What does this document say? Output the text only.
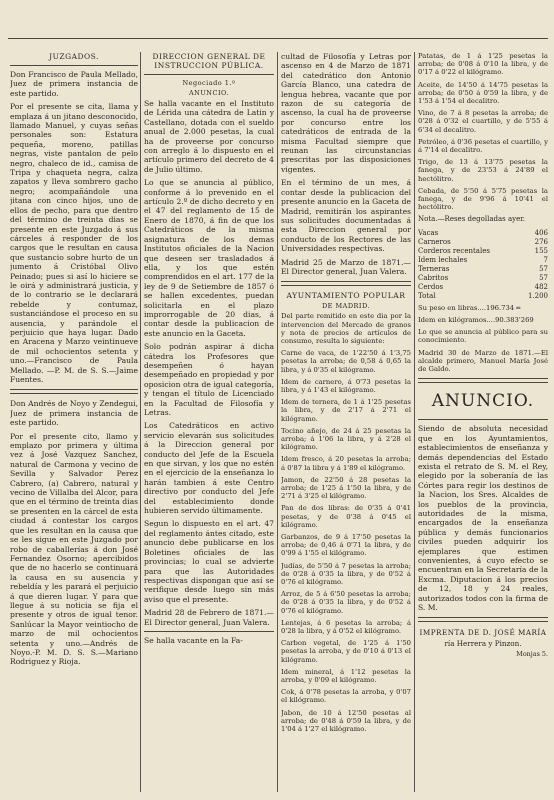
JUZGADOS.

Don Francisco de Paula Mellado, Juez de primera instancia de este partido.

Por el presente se cita, llama y emplaza á un jitano desconocido, llamado Manuel, y cuyas señas personales son: Estatura pequeña, moreno, patillas negras, viste pantalon de pelo negro, chaleco de id., camisa de Tripa y chaqueta negra, calza zapatos y lleva sombrero gacho negro; acompañándole una jitana con cinco hijos, uno de ellos de pecho, para que dentro del término de treinta dias se presente en este Juzgado á sus cárceles á responder de los cargos que le resultan en causa que sustancio sobre hurto de un jumento á Cristóbal Olivo Peinado; pues si así lo hiciere se le oirá y administrará justicia, y de lo contrario se le declarará rebelde y contumaz, sustanciándose el proceso en su ausencia, y parándole el perjuicio que haya lugar. Dado en Aracena y Marzo veintinueve de mil ochocientos setenta y uno.—Francisco de Paula Mellado. —P. M. de S. S.—Jaime Fuentes.

Don Andrés de Noyo y Zendegui, Juez de primera instancia de este partido.

Por el presente cito, llamo y emplazo por primera y última vez á José Vazquez Sanchez, natural de Carmona y vecino de Sevilla y Salvador Perez Cabrero, (a) Cabrero, natural y vecino de Villalba del Alcor, para que en el término de treinta dias se presenten en la cárcel de esta ciudad á contestar los cargos que les resultan en la causa que se les sigue en este Juzgado por robo de caballerías á don José Fernandez Osorno; apercibidos que de no hacerlo se continuará la causa en su ausencia y rebeldía y les parará el perjuicio á que dieren lugar. Y para que llegue á su noticia se fija el presente y otros de igual tenor. Sanlúcar la Mayor veintiocho de marzo de mil ochocientos setenta y uno.—Andrés de Noyo.-P. M. D. S. S.—Mariano Rodriguez y Rioja.

DIRECCION GENERAL DE INSTRUCCION PÚBLICA.
Negociado 1.º
ANUNCIO.

Se halla vacante en el Instituto de Lérida una cátedra de Latin y Castellano, dotada con el sueldo anual de 2.000 pesetas, la cual ha de proveerse por concurso con arreglo á lo dispuesto en el artículo primero del decreto de 4 de Julio último.

Lo que se anuncia al público, conforme á lo prevenido en el artículo 2.º de dicho decreto y en el 47 del reglamento de 15 de Enero de 1870, á fin de que los Catedráticos de la misma asignatura de los demas Institutos oficiales de la Nacion que deseen ser trasladados á ella, y los que estén comprendidos en el art. 177 de la ley de 9 de Setiembre de 1857 ó se hallen excedentes, puedan solicitarla en el plazo improrrogable de 20 dias, á contar desde la publicacion de este anuncio en la Gaceta.

Solo podrán aspirar á dicha cátedra los Profesores que desempeñen ó hayan desempeñado en propiedad y por oposicion otra de igual categoría, y tengan el título de Licenciado en la Facultad de Filosofía y Letras.

Los Catedráticos en activo servicio elevarán sus solicitudes á la Direccion general por conducto del Jefe de la Escuela en que sirvan, y los que no estén en el ejercicio de la enseñanza lo harán tambien á este Centro directivo por conducto del Jefe del establecimiento donde hubieren servido últimamente.

Segun lo dispuesto en el art. 47 del reglamento ántes citado, este anuncio debe publicarse en los Boletines oficiales de las provincias; lo cual se advierte para que las Autoridades respectivas dispongan que así se verifique desde luego sin más aviso que el presente.

Madrid 28 de Febrero de 1871.—El Director general, Juan Valera.

Se halla vacante en la Fa-

cultad de Filosofía y Letras por ascenso en 4 de Marzo de 1871 del catedrático don Antonio García Blanco, una catedra de lengua hebrea, vacante que por razon de su categoría de ascenso, la cual ha de proveerse por concurso entre los catedráticos de entrada de la misma Facultad siempre que reunan las circunstancias prescritas por las disposiciones vigentes.

En el término de un mes, á contar desde la publicacion del presente anuncio en la Gaceta de Madrid, remitirán los aspirantes sus solicitudes documentadas á esta Direccion general por conducto de los Rectores de las Universidades respectivas.

Madrid 25 de Marzo de 1871.—El Director general, Juan Valera.

AYUNTAMIENTO POPULAR
DE MADRID.

Del parte remitido en este dia por la intervencion del Mercado de granos y nota de precios de artículos de consumo, resulta lo siguiente:

Carne de vaca, de 1'22'50 á 1'3,75 pesetas la arroba; de 0,58 á 0,65 la libra, y á 0'35 el kilógramo.

Idem de carnero, á 0'73 pesetas la libra, y á 1'43 el kilógramo.

Idem de ternera, de 1 á 1'25 pesetas la libra, y de 2'17 á 2'71 el kilógramo.

Tocino añejo, de 24 á 25 pesetas la arroba; á 1'06 la libra, y á 2'28 el kilógramo.

Idem fresco, á 20 pesetas la arroba; á 0'87 la libra y á 1'89 el kilógramo.

Jamon, de 22'50 á 28 pesetas la arroba; de 1'25 á 1'50 la libra, y de 2'71 á 3'25 el kilógramo.

Pan de dos libras: de 0'35 á 0'41 pesetas, y de 0'38 á 0'45 el kilógramo.

Garbanzos, de 9 á 17'50 pesetas la arroba; de 0,46 á 0'71 la libra, y de 0'99 á 1'55 el kilógramo.

Judías, de 5'50 á 7 pesetas la arroba; de 0'28 á 0'35 la libra, y de 0'52 á 0'76 el kilógramo.

Arroz, de 5 á 6'50 pesetas la arroba; de 0'28 á 0'35 la libra, y de 0'52 á 0'76 el kilógramo.

Lentejas, á 6 pesetas la arroba; á 0'28 la libra, y á 0'52 el kilógramo.

Carbon vegetal, de 1'25 á 1'50 pesetas la arroba, y de 0'10 á 0'13 el kilógramo.

Idem mineral, á 1'12 pesetas la arroba, y 0'09 el kilógramo.

Cok, á 0'78 pesetas la arroba, y 0'07 el kilógramo.

Jabon, de 10 á 12'50 pesetas al arroba; de 0'48 á 0'59 la libra, y de 1'04 á 1'27 el kilógramo.

Patatas, de 1 á 1'25 pesetas la arroba; de 0'08 á 0'10 la libra, y de 0'17 á 0'22 el kilógramo.

Aceite, de 14'50 á 14'75 pesetas la arroba; de 0'50 á 0'59 la libra, y de 1'53 á 1'54 el decalitro.

Vino, de 7 á 8 pesetas la arroba; de 0'28 á 0'32 el cuartillo, y de 5'55 á 6'34 el decalitro.

Petróleo, á 0'36 pesetas el cuartillo, y á 7'14 el decalitro.

Trigo, de 13 á 13'75 pesetas la fanega, y de 23'53 á 24'89 el hectólitro.

Cebada, de 5'50 á 5'75 pesetas la fanega, y de 9'96 á 10'41 el hectólitro.

Nota.—Reses degolladas ayer.

Vacas	406
Carneros	276
Corderos recentales	155
Idem lechales	7
Terneras	57
Cabritos	57
Cerdos	482
Total	1.200

Su peso en libras....196.734 ═

Idem en kilógramos....90.383'269

Lo que se anuncia al público para su conocimiento.

Madrid 30 de Marzo de 1871.—El alcalde primero, Manuel María José de Galdo.

ANUNCIO.

Siendo de absoluta necesidad que en los Ayuntamientos, establecimientos de enseñanza y demás dependencias del Estado exista el retrato de S. M. el Rey, elegido por la soberanía de las Córtes para regir los destinos de la Nacion, los Sres. Alcaldes de los pueblos de la provincia, autoridades de la misma, encargados de la enseñanza pública y demás funcionarios civiles pueden adquirir los ejemplares que estimen convenientes, á cuyo efecto se encuentran en la Secretaría de la Excma. Diputacion á los precios de 12, 18 y 24 reales, autorizados todos con la firma de S. M.

IMPRENTA DE D. JOSÉ MARÍA
ría Herrera y Pinzon.
Monjas 5.
